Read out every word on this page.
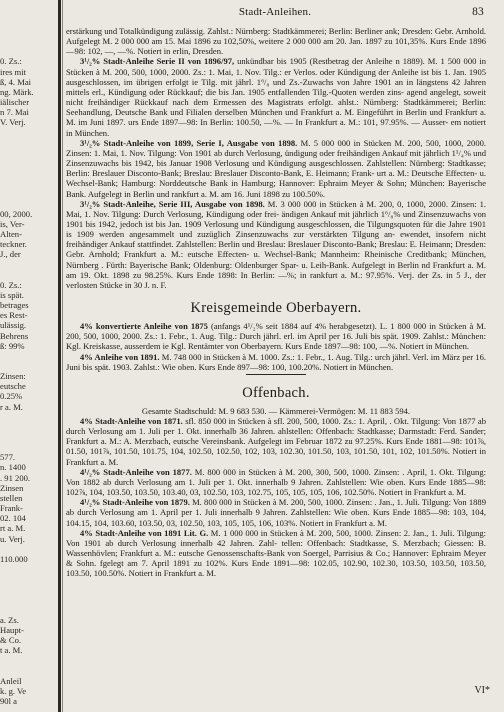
0. Zs.:
ires mit
ß, 4. Mai
ng. Märk.
iälischer
n 7. Mai
V. Verj.
00, 2000.
is, Ver-
Alten-
teckner.
J., der
0. Zs.:
is spät.
betrages
es Rest-
ulässig.
Behrens
ß: 99%
Zinsen:
eutsche
0.25%
r a. M.
577.
n. 1400
. 91 200.
Zinsen
stellen
Frank-
02. 104
rt a. M.
u. Verj.
110.000
a. Zs.
Haupt-
& Co.
t a. M.
Anleil
k. g. Ve
90l a
Stadt-Anleihen.	83

erstärkung und Totalkündigung zulässig. Zahlst.: Nürnberg: Stadtkämmerei; Berlin: Berliner ank; Dresden: Gebr. Arnhold. Aufgelegt M. 2 000 000 am 15. Mai 1896 zu 102,50%, weitere 2 000 000 am 20. Jan. 1897 zu 101,35%. Kurs Ende 1896—98: 102, —, —%. Notiert in erlin, Dresden.

3¹/₂% Stadt-Anleihe Serie II von 1896/97, unkündbar bis 1905 (Restbetrag der Anleihe n 1889). M. 1 500 000 in Stücken à M. 200, 500, 1000, 2000. Zs.: 1. Mai, 1. Nov. Tilg.: er Verlos. oder Kündigung der Anleihe ist bis 1. Jan. 1905 ausgeschlossen, im übrigen erfolgt ie Tilg. mit jährl. 1⁶/₈ und Zs.-Zuwachs von Jahre 1901 an in längstens 42 Jahren mittels erl., Kündigung oder Rückkauf; die bis Jan. 1905 entfallenden Tilg.-Quoten werden zins- agend angelegt, soweit nicht freihändiger Rückkauf nach dem Ermessen des Magistrats erfolgt. ahlst.: Nürnberg: Stadtkämmerei; Berlin: Seehandlung, Deutsche Bank und Filialen derselben München und Frankfurt a. M. Eingeführt in Berlin und Frankfurt a. M. im Juni 1897. urs Ende 1897—98: In Berlin: 100.50, —%. — In Frankfurt a. M.: 101, 97.95%. — Ausser- em notiert in München.

3¹/₂% Stadt-Anleihe von 1899, Serie I, Ausgabe von 1898. M. 5 000 000 in Stücken M. 200, 500, 1000, 2000. Zinsen: 1. Mai, 1. Nov. Tilgung: Von 1901 ab durch Verlosung, ündigung oder freihändigen Ankauf mit jährlich 1¹/₄% und Zinsenzuwachs bis 1942, bis Januar 1908 Verlosung und Kündigung ausgeschlossen. Zahlstellen: Nürnberg: Stadtkasse; Berlin: Breslauer Disconto-Bank; Breslau: Breslauer Disconto-Bank, E. Heimann; Frank- urt a. M.: Deutsche Effecten- u. Wechsel-Bank; Hamburg: Norddeutsche Bank in Hamburg; Hannover: Ephraim Meyer & Sohn; München: Bayerische Bank. Aufgelegt in Berlin und rankfurt a. M. am 16. Juni 1898 zu 100.50%.

3¹/₂% Stadt-Anleihe, Serie III, Ausgabe von 1898. M. 3 000 000 in Stücken à M. 200, 0, 1000, 2000. Zinsen: 1. Mai, 1. Nov. Tilgung: Durch Verlosung, Kündigung oder frei- ändigen Ankauf mit jährlich 1⁶/₈% und Zinsenzuwachs von 1901 bis 1942, jedoch ist bis Jan. 1909 Verlosung und Kündigung ausgeschlossen, die Tilgungsquoten für die Jahre 1901 is 1909 werden angesammelt und zuzüglich Zinsenzuwachs zur verstärkten Tilgung an- ewendet, insofern nicht freihändiger Ankauf stattfindet. Zahlstellen: Berlin und Breslau: Breslauer Disconto-Bank; Breslau: E. Heimann; Dresden: Gebr. Arnhold; Frankfurt a. M.: eutsche Effecten- u. Wechsel-Bank; Mannheim: Rheinische Creditbank; München, Nürnberg . Fürth: Bayerische Bank; Oldenburg: Oldenburger Spar- u. Leih-Bank. Aufgelegt in Berlin nd Frankfurt a. M. am 19. Okt. 1898 zu 98.25%. Kurs Ende 1898: In Berlin: —%; in rankfurt a. M.: 97.95%. Verj. der Zs. in 5 J., der verlosten Stücke in 30 J. n. F.

Kreisgemeinde Oberbayern.

4% konvertierte Anleihe von 1875 (anfangs 4¹/₂% seit 1884 auf 4% herabgesetzt). L. 1 800 000 in Stücken à M. 200, 500, 1000, 2000. Zs.: 1. Febr., 1. Aug. Tilg.: Durch jährl. erl. im April per 16. Juli bis spät. 1909. Zahlst.: München: Kgl. Kreiskasse, ausserdem ie Kgl. Rentämter von Oberbayern. Kurs Ende 1897—98: 100, —%. Notiert in München.

4% Anleihe von 1891. M. 748 000 in Stücken à M. 1000. Zs.: 1. Febr., 1. Aug. Tilg.: urch jährl. Verl. im März per 16. Juni bis spät. 1903. Zahlst.: Wie oben. Kurs Ende 897—98: 100, 100.20%. Notiert in München.

Offenbach.

Gesamte Stadtschuld: M. 9 683 530. — Kämmerei-Vermögen: M. 11 883 594.

4% Stadt-Anleihe von 1871. sfl. 850 000 in Stücken à sfl. 200, 500, 1000. Zs.: 1. April, . Okt. Tilgung: Von 1877 ab durch Verlosung am 1. Juli per 1. Okt. innerhalb 36 Jahren. ahlstellen: Offenbach: Stadtkasse; Darmstadt: Ferd. Sander; Frankfurt a. M.: A. Merzbach, eutsche Vereinsbank. Aufgelegt im Februar 1872 zu 97.25%. Kurs Ende 1881—98: 101⅞, 01.50, 101⅞, 101.50, 101.75, 104, 102.50, 102.50, 102, 103, 102.30, 101.50, 103, 101.50, 101, 102, 101.50%. Notiert in Frankfurt a. M.

4¹/₂% Stadt-Anleihe von 1877. M. 800 000 in Stücken à M. 200, 300, 500, 1000. Zinsen: . April, 1. Okt. Tilgung: Von 1882 ab durch Verlosung am 1. Juli per 1. Okt. innerhalb 9 Jahren. Zahlstellen: Wie oben. Kurs Ende 1885—98: 102⅞, 104, 103.50, 103.50, 103.40, 03, 102.50, 103, 102.75, 105, 105, 105, 106, 102.50%. Notiert in Frankfurt a. M.

4¹/₂% Stadt-Anleihe von 1879. M. 800 000 in Stücken à M. 200, 500, 1000. Zinsen: . Jan., 1. Juli. Tilgung: Von 1889 ab durch Verlosung am 1. April per 1. Juli innerhalb 9 Jahren. Zahlstellen: Wie oben. Kurs Ende 1885—98: 103, 104, 104.15, 104, 103.60, 103.50, 03, 102.50, 103, 105, 105, 106, 103%. Notiert in Frankfurt a. M.

4% Stadt-Anleihe von 1891 Lit. G. M. 1 000 000 in Stücken à M. 200, 500, 1000. Zinsen: 2. Jan., 1. Juli. Tilgung: Von 1901 ab durch Verlosung innerhalb 42 Jahren. Zahl- tellen: Offenbach: Stadtkasse, S. Merzbach; Giessen: B. Wassenhövlen; Frankfurt a. M.: eutsche Genossenschafts-Bank von Soergel, Parrisius & Co.; Hannover: Ephraim Meyer & Sohn. fgelegt am 7. April 1891 zu 102%. Kurs Ende 1891—98: 102.05, 102.90, 102.30, 103.50, 103.50, 103.50, 103.50, 100.50%. Notiert in Frankfurt a. M.

VI*
